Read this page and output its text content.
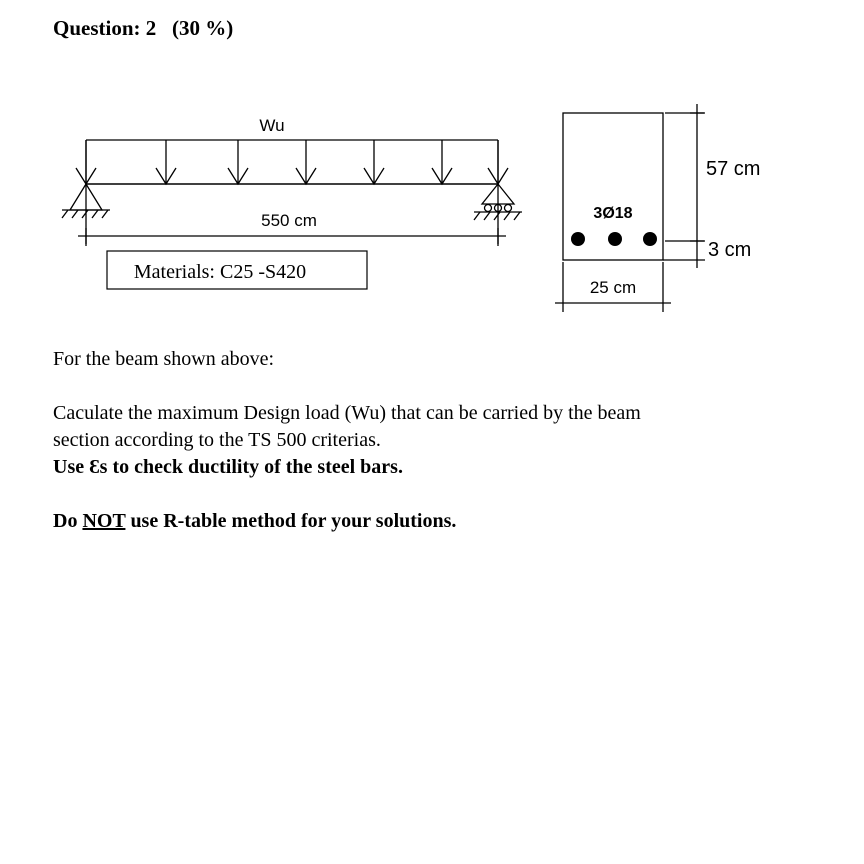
Question: 2 (30 %)
Wu
550 cm
Materials: C25 -S420
3Ø18
57 cm
3 cm
25 cm
For the beam shown above:
Caculate the maximum Design load (Wu) that can be carried by the beam
section according to the TS 500 criterias.
Use Ɛs to check ductility of the steel bars.
Do NOT use R-table method for your solutions.
